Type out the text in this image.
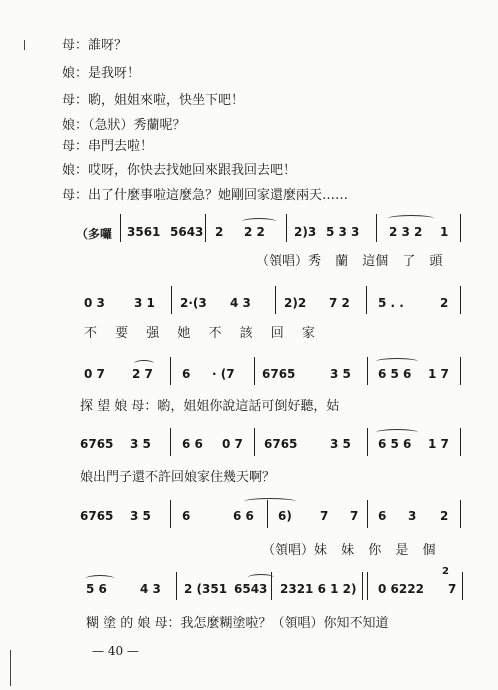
母：誰呀？
娘：是我呀！
母：喲，姐姐來啦，快坐下吧！
娘：（急狀）秀蘭呢？
母：串門去啦！
娘：哎呀，你快去找她回來跟我回去吧！
母：出了什麼事啦這麼急？她剛回家還麼兩天……
（多囉 3561 5643 2 2 2 2)3 5 3 3 2 3 2 1
（領唱）秀 蘭 這個 了 頭
0 3 3 1 2·(3 4 3	2)2 7 2 5 . .	2
不 要 强 她 不 該 回 家
0 7 2 7 6 · (7 6765	3 5 6 5 6 1 7
探 望 娘 母：喲，姐姐你說這話可倒好聽，姑
6765 3 5	6 6 0 7 6765	3 5 6 5 6 1 7
娘出門子還不許回娘家住幾天啊？
6765 3 5	6	6 6 6) 7 7 6 3 2
（領唱）妹 妹 你 是 個
5 6	4 3 2 (351 6543 2321 6 1 2) 0 6222 7
2
糊 塗 的 娘 母：我怎麼糊塗啦？（領唱）你知不知道
— 40 —
